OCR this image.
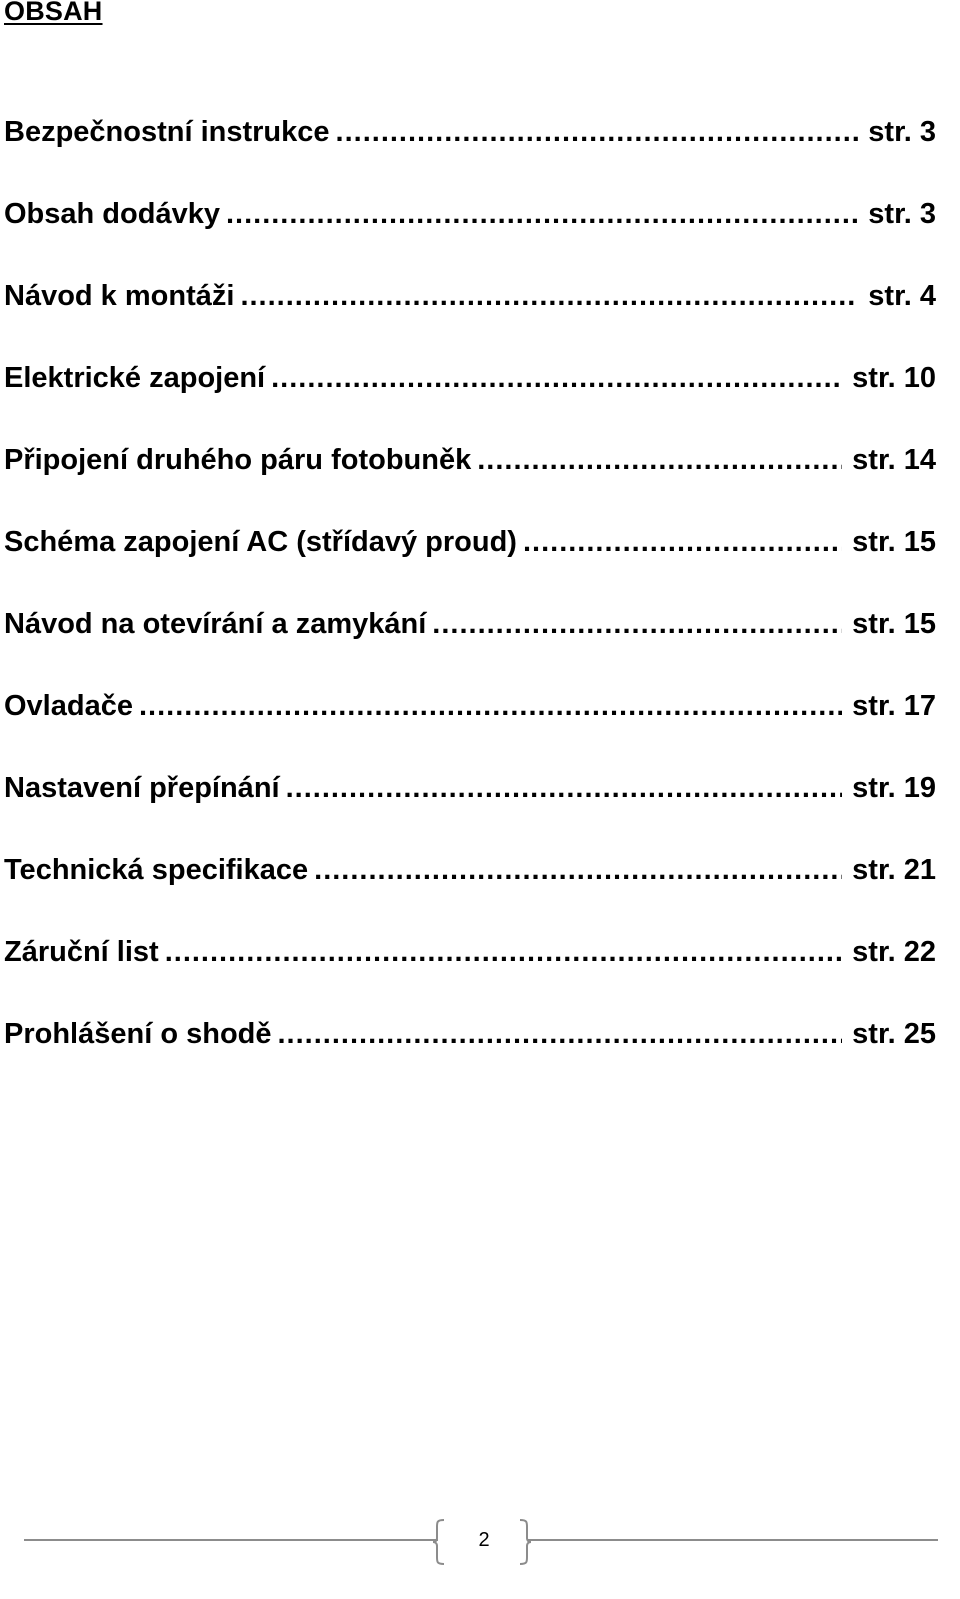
OBSAH
Bezpečnostní instrukce .....	str. 3
Obsah dodávky .....	str. 3
Návod k montáži .....	str. 4
Elektrické zapojení .....	str. 10
Připojení druhého páru fotobuněk .....	str. 14
Schéma zapojení AC (střídavý proud) .....	str. 15
Návod na otevírání a zamykání .....	str. 15
Ovladače .....	str. 17
Nastavení přepínání .....	str. 19
Technická specifikace .....	str. 21
Záruční list .....	str. 22
Prohlášení o shodě .....	str. 25
2
